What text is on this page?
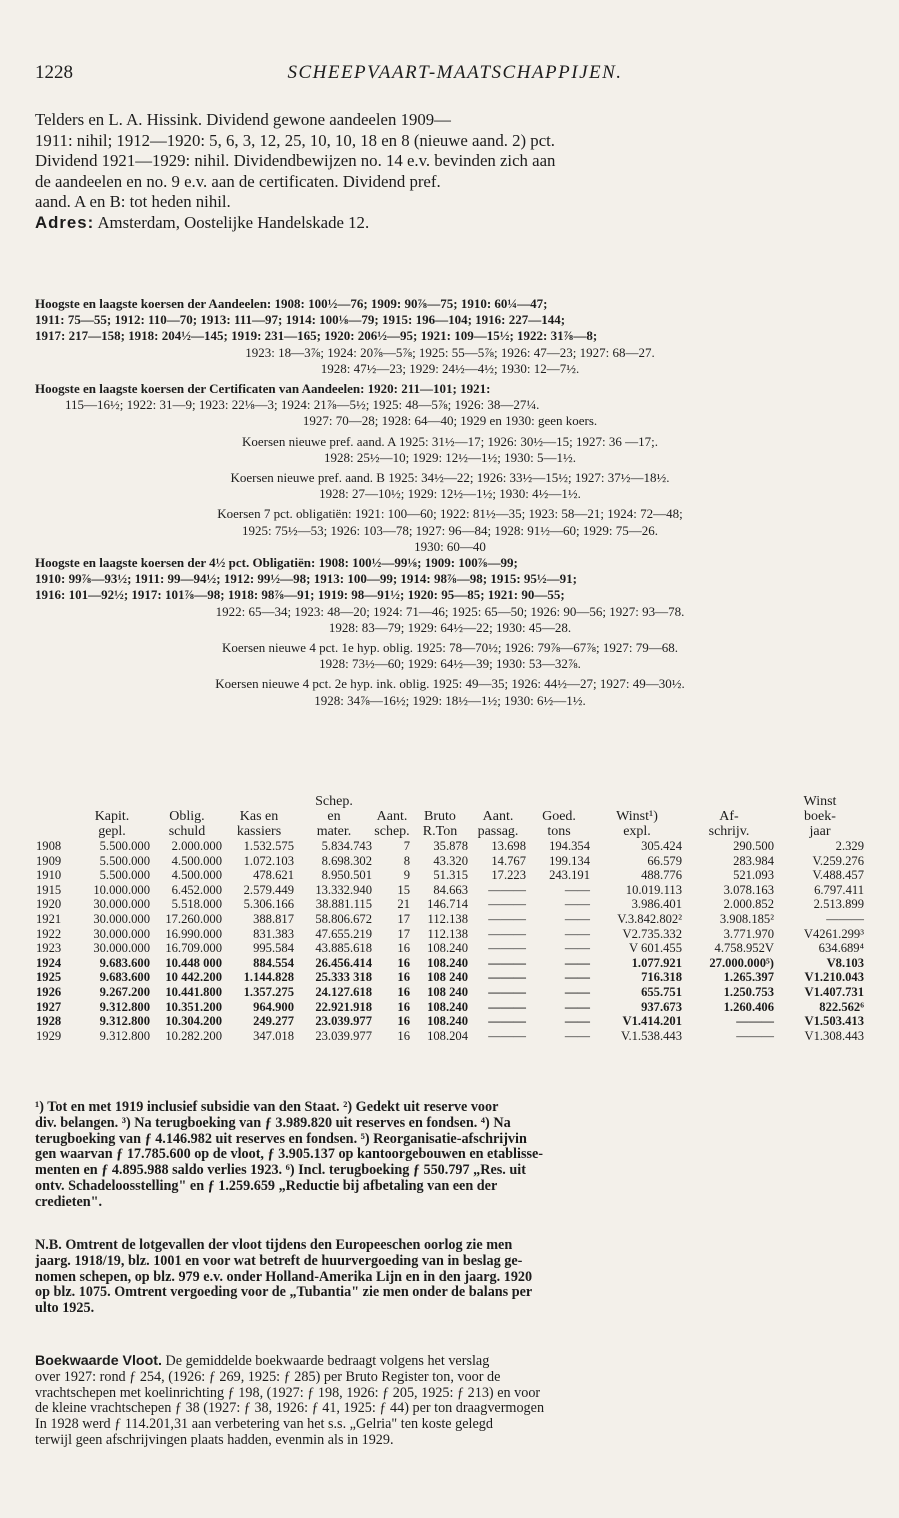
1228	SCHEEPVAART-MAATSCHAPPIJEN.
Telders en L. A. Hissink. Dividend gewone aandeelen 1909—
1911: nihil; 1912—1920: 5, 6, 3, 12, 25, 10, 10, 18 en 8 (nieuwe aand. 2) pct.
Dividend 1921—1929: nihil. Dividendbewijzen no. 14 e.v. bevinden zich aan
de aandeelen en no. 9 e.v. aan de certificaten. Dividend pref.
aand. A en B: tot heden nihil.
Adres: Amsterdam, Oostelijke Handelskade 12.
Hoogste en laagste koersen der Aandeelen: 1908: 100½—76; 1909: 90⅞—75; 1910: 60¼—47;
1911: 75—55; 1912: 110—70; 1913: 111—97; 1914: 100⅛—79; 1915: 196—104; 1916: 227—144;
1917: 217—158; 1918: 204½—145; 1919: 231—165; 1920: 206½—95; 1921: 109—15½; 1922: 31⅞—8;
1923: 18—3⅞; 1924: 20⅞—5⅞; 1925: 55—5⅞; 1926: 47—23; 1927: 68—27.
1928: 47½—23; 1929: 24½—4½; 1930: 12—7½.
Hoogste en laagste koersen der Certificaten van Aandeelen: 1920: 211—101; 1921:
115—16½; 1922: 31—9; 1923: 22⅛—3; 1924: 21⅞—5½; 1925: 48—5⅞; 1926: 38—27¼.
1927: 70—28; 1928: 64—40; 1929 en 1930: geen koers.
Koersen nieuwe pref. aand. A 1925: 31½—17; 1926: 30½—15; 1927: 36 —17;.
1928: 25½—10; 1929: 12½—1½; 1930: 5—1½.
Koersen nieuwe pref. aand. B 1925: 34½—22; 1926: 33½—15½; 1927: 37½—18½.
1928: 27—10½; 1929: 12½—1½; 1930: 4½—1½.
Koersen 7 pct. obligatiën: 1921: 100—60; 1922: 81½—35; 1923: 58—21; 1924: 72—48;
1925: 75½—53; 1926: 103—78; 1927: 96—84; 1928: 91½—60; 1929: 75—26.
1930: 60—40
Hoogste en laagste koersen der 4½ pct. Obligatiën: 1908: 100½—99⅛; 1909: 100⅞—99;
1910: 99⅞—93½; 1911: 99—94½; 1912: 99½—98; 1913: 100—99; 1914: 98⅞—98; 1915: 95½—91;
1916: 101—92½; 1917: 101⅞—98; 1918: 98⅞—91; 1919: 98—91½; 1920: 95—85; 1921: 90—55;
1922: 65—34; 1923: 48—20; 1924: 71—46; 1925: 65—50; 1926: 90—56; 1927: 93—78.
1928: 83—79; 1929: 64½—22; 1930: 45—28.
Koersen nieuwe 4 pct. 1e hyp. oblig. 1925: 78—70½; 1926: 79⅞—67⅞; 1927: 79—68.
1928: 73½—60; 1929: 64½—39; 1930: 53—32⅞.
Koersen nieuwe 4 pct. 2e hyp. ink. oblig. 1925: 49—35; 1926: 44½—27; 1927: 49—30½.
1928: 34⅞—16½; 1929: 18½—1½; 1930: 6½—1½.
				Schep.							Winst
	Kapit.	Oblig.	Kas en	en	Aant.	Bruto	Aant.	Goed.	Winst¹)	Af-	boek-
	gepl.	schuld	kassiers	mater.	schep.	R.Ton	passag.	tons	expl.	schrijv.	jaar
1908	5.500.000	2.000.000	1.532.575	5.834.743	7	35.878	13.698	194.354	305.424	290.500	2.329
1909	5.500.000	4.500.000	1.072.103	8.698.302	8	43.320	14.767	199.134	66.579	283.984	V.259.276
1910	5.500.000	4.500.000	478.621	8.950.501	9	51.315	17.223	243.191	488.776	521.093	V.488.457
1915	10.000.000	6.452.000	2.579.449	13.332.940	15	84.663	———	——	10.019.113	3.078.163	6.797.411
1920	30.000.000	5.518.000	5.306.166	38.881.115	21	146.714	———	——	3.986.401	2.000.852	2.513.899
1921	30.000.000	17.260.000	388.817	58.806.672	17	112.138	———	——	V.3.842.802²	3.908.185²	———
1922	30.000.000	16.990.000	831.383	47.655.219	17	112.138	———	——	V2.735.332	3.771.970	V4261.299³
1923	30.000.000	16.709.000	995.584	43.885.618	16	108.240	———	——	V 601.455	4.758.952V	634.689⁴
1924	9.683.600	10.448 000	884.554	26.456.414	16	108.240	———	——	1.077.921	27.000.000⁵)	V8.103
1925	9.683.600	10 442.200	1.144.828	25.333 318	16	108 240	———	——	716.318	1.265.397	V1.210.043
1926	9.267.200	10.441.800	1.357.275	24.127.618	16	108 240	———	——	655.751	1.250.753	V1.407.731
1927	9.312.800	10.351.200	964.900	22.921.918	16	108.240	———	——	937.673	1.260.406	822.562⁶
1928	9.312.800	10.304.200	249.277	23.039.977	16	108.240	———	——	V1.414.201	———	V1.503.413
1929	9.312.800	10.282.200	347.018	23.039.977	16	108.204	———	——	V.1.538.443	———	V1.308.443
¹) Tot en met 1919 inclusief subsidie van den Staat. ²) Gedekt uit reserve voor
div. belangen. ³) Na terugboeking van ƒ 3.989.820 uit reserves en fondsen. ⁴) Na
terugboeking van ƒ 4.146.982 uit reserves en fondsen. ⁵) Reorganisatie-afschrijvin
gen waarvan ƒ 17.785.600 op de vloot, ƒ 3.905.137 op kantoorgebouwen en etablisse-
menten en ƒ 4.895.988 saldo verlies 1923. ⁶) Incl. terugboeking ƒ 550.797 „Res. uit
ontv. Schadeloosstelling" en ƒ 1.259.659 „Reductie bij afbetaling van een der
credieten".
N.B. Omtrent de lotgevallen der vloot tijdens den Europeeschen oorlog zie men
jaarg. 1918/19, blz. 1001 en voor wat betreft de huurvergoeding van in beslag ge-
nomen schepen, op blz. 979 e.v. onder Holland-Amerika Lijn en in den jaarg. 1920
op blz. 1075. Omtrent vergoeding voor de „Tubantia" zie men onder de balans per
ulto 1925.
Boekwaarde Vloot. De gemiddelde boekwaarde bedraagt volgens het verslag
over 1927: rond ƒ 254, (1926: ƒ 269, 1925: ƒ 285) per Bruto Register ton, voor de
vrachtschepen met koelinrichting ƒ 198, (1927: ƒ 198, 1926: ƒ 205, 1925: ƒ 213) en voor
de kleine vrachtschepen ƒ 38 (1927: ƒ 38, 1926: ƒ 41, 1925: ƒ 44) per ton draagvermogen
In 1928 werd ƒ 114.201,31 aan verbetering van het s.s. „Gelria" ten koste gelegd
terwijl geen afschrijvingen plaats hadden, evenmin als in 1929.
